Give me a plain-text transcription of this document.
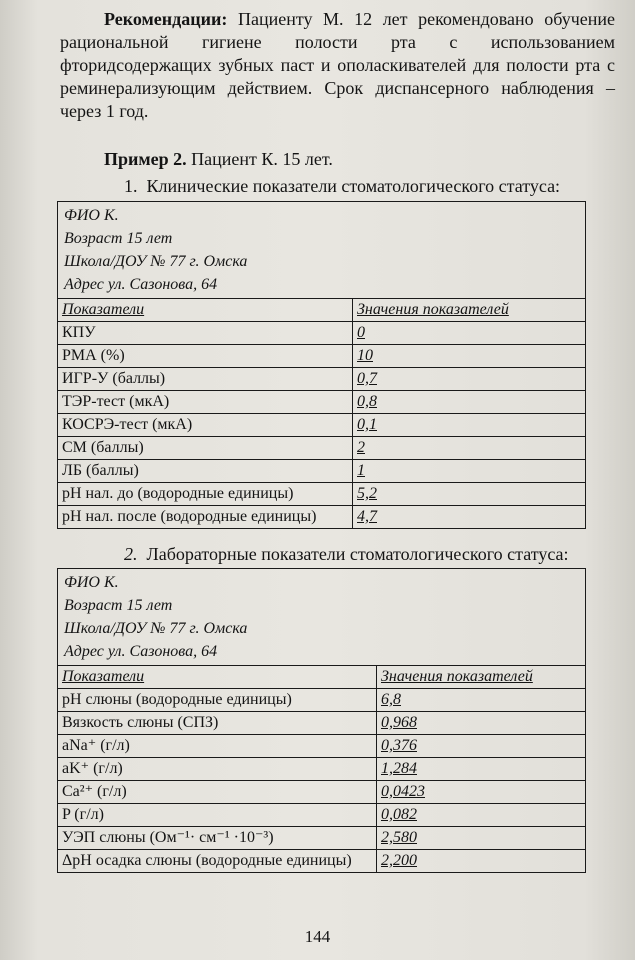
Рекомендации: Пациенту М. 12 лет рекомендовано обучение рациональной гигиене полости рта с использованием фторидсодержащих зубных паст и ополаскивателей для полости рта с реминерализующим действием. Срок диспансерного наблюдения – через 1 год.

Пример 2. Пациент К. 15 лет.
1. Клинические показатели стоматологического статуса:
ФИО К.
Возраст 15 лет
Школа/ДОУ № 77 г. Омска
Адрес ул. Сазонова, 64	

Показатели	Значения показателей
КПУ	0
РМА (%)	10
ИГР-У (баллы)	0,7
ТЭР-тест (мкА)	0,8
КОСРЭ-тест (мкА)	0,1
СМ (баллы)	2
ЛБ (баллы)	1
pH нал. до (водородные единицы)	5,2
pH нал. после (водородные единицы)	4,7
2. Лабораторные показатели стоматологического статуса:
ФИО К.
Возраст 15 лет
Школа/ДОУ № 77 г. Омска
Адрес ул. Сазонова, 64	

Показатели	Значения показателей
pH слюны (водородные единицы)	6,8
Вязкость слюны (СПЗ)	0,968
aNa⁺ (г/л)	0,376
aK⁺ (г/л)	1,284
Ca²⁺ (г/л)	0,0423
P (г/л)	0,082
УЭП слюны (Ом⁻¹· см⁻¹ ·10⁻³)	2,580
ΔpH осадка слюны (водородные единицы)	2,200
144
